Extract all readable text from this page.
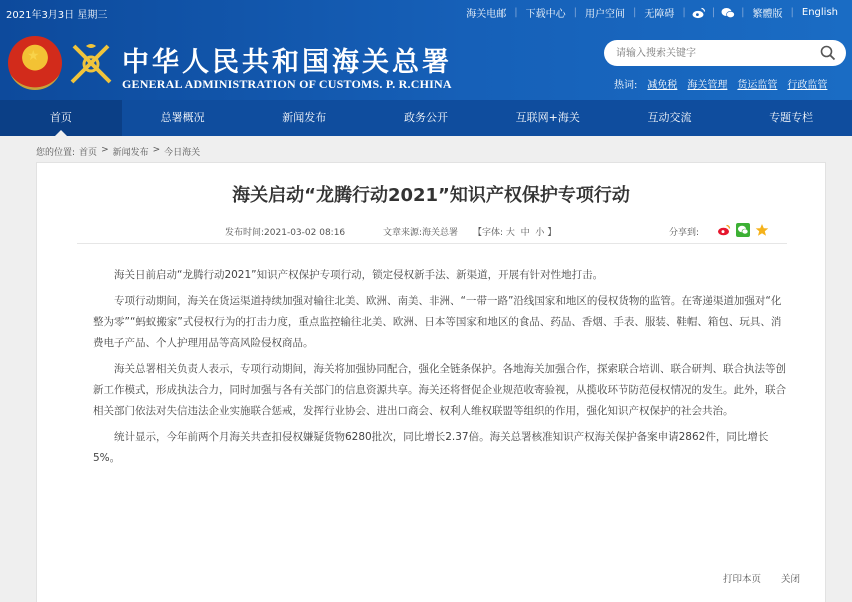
2021年3月3日 星期三	海关电邮 | 下载中心 | 用户空间 | 无障碍 |	|	| 繁體版 | English
★	中华人民共和国海关总署
GENERAL ADMINISTRATION OF CUSTOMS. P. R.CHINA
请输入搜索关键字	热词: 减免税 海关管理 货运监管 行政监管
首页	总署概况	新闻发布	政务公开	互联网+海关	互动交流	专题专栏
您的位置: 首页 > 新闻发布 > 今日海关
海关启动“龙腾行动2021”知识产权保护专项行动
发布时间:2021-03-02 08:16	文章来源:海关总署 【字体: 大 中 小 】	分享到:

海关日前启动“龙腾行动2021”知识产权保护专项行动，锁定侵权新手法、新渠道，开展有针对性地打击。

专项行动期间，海关在货运渠道持续加强对输往北美、欧洲、南美、非洲、“一带一路”沿线国家和地区的侵权货物的监管。在寄递渠道加强对“化整为零”“蚂蚁搬家”式侵权行为的打击力度，重点监控输往北美、欧洲、日本等国家和地区的食品、药品、香烟、手表、服装、鞋帽、箱包、玩具、消费电子产品、个人护理用品等高风险侵权商品。

海关总署相关负责人表示，专项行动期间，海关将加强协同配合，强化全链条保护。各地海关加强合作，探索联合培训、联合研判、联合执法等创新工作模式，形成执法合力，同时加强与各有关部门的信息资源共享。海关还将督促企业规范收寄验视，从揽收环节防范侵权情况的发生。此外，联合相关部门依法对失信违法企业实施联合惩戒，发挥行业协会、进出口商会、权利人维权联盟等组织的作用，强化知识产权保护的社会共治。

统计显示，今年前两个月海关共查扣侵权嫌疑货物6280批次，同比增长2.37倍。海关总署核准知识产权海关保护备案申请2862件，同比增长5%。

打印本页 关闭
